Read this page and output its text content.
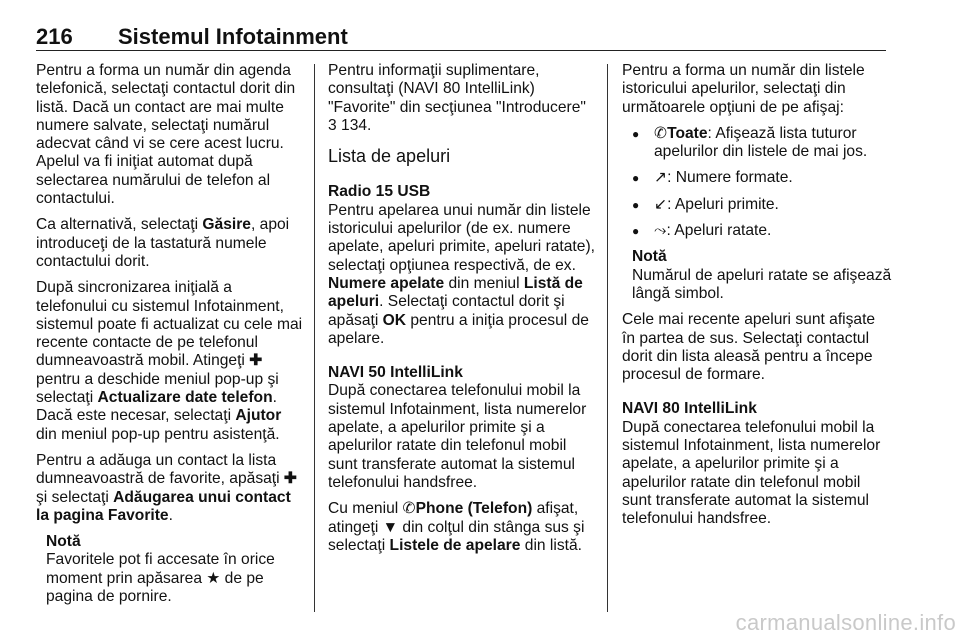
216 Sistemul Infotainment

Pentru a forma un număr din agenda telefonică, selectaţi contactul dorit din listă. Dacă un contact are mai multe numere salvate, selectaţi numărul adecvat când vi se cere acest lucru. Apelul va fi iniţiat automat după selectarea numărului de telefon al contactului.

Ca alternativă, selectaţi Găsire, apoi introduceţi de la tastatură numele contactului dorit.

După sincronizarea iniţială a telefonului cu sistemul Infotainment, sistemul poate fi actualizat cu cele mai recente contacte de pe telefonul dumneavoastră mobil. Atingeţi ✚ pentru a deschide meniul pop-up şi selectaţi Actualizare date telefon. Dacă este necesar, selectaţi Ajutor din meniul pop-up pentru asistenţă.

Pentru a adăuga un contact la lista dumneavoastră de favorite, apăsaţi ✚ şi selectaţi Adăugarea unui contact la pagina Favorite.

Notă
Favoritele pot fi accesate în orice moment prin apăsarea ★ de pe pagina de pornire.

Pentru informaţii suplimentare, consultaţi (NAVI 80 IntelliLink) "Favorite" din secţiunea "Introducere" 3 134.

Lista de apeluri
Radio 15 USB

Pentru apelarea unui număr din listele istoricului apelurilor (de ex. numere apelate, apeluri primite, apeluri ratate), selectaţi opţiunea respectivă, de ex. Numere apelate din meniul Listă de apeluri. Selectaţi contactul dorit şi apăsaţi OK pentru a iniţia procesul de apelare.

NAVI 50 IntelliLink

După conectarea telefonului mobil la sistemul Infotainment, lista numerelor apelate, a apelurilor primite şi a apelurilor ratate din telefonul mobil sunt transferate automat la sistemul telefonului handsfree.

Cu meniul ✆Phone (Telefon) afişat, atingeţi ▼ din colţul din stânga sus şi selectaţi Listele de apelare din listă.

Pentru a forma un număr din listele istoricului apelurilor, selectaţi din următoarele opţiuni de pe afişaj:

● ✆Toate: Afişează lista tuturor apelurilor din listele de mai jos.
● ↗: Numere formate.
● ↙: Apeluri primite.
● ⤳: Apeluri ratate.
Notă
Numărul de apeluri ratate se afişează lângă simbol.

Cele mai recente apeluri sunt afişate în partea de sus. Selectaţi contactul dorit din lista aleasă pentru a începe procesul de formare.

NAVI 80 IntelliLink

După conectarea telefonului mobil la sistemul Infotainment, lista numerelor apelate, a apelurilor primite şi a apelurilor ratate din telefonul mobil sunt transferate automat la sistemul telefonului handsfree.

carmanualsonline.info
